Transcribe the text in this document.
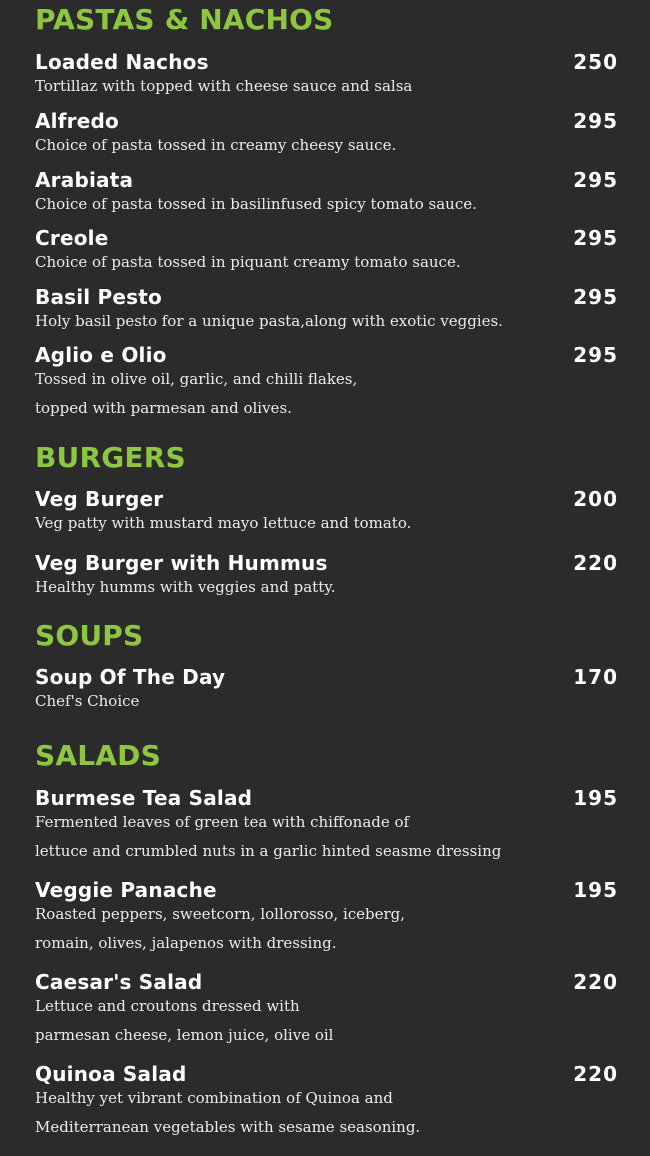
PASTAS & NACHOS
Loaded Nachos	250

Tortillaz with topped with cheese sauce and salsa

Alfredo	295

Choice of pasta tossed in creamy cheesy sauce.

Arabiata	295

Choice of pasta tossed in basilinfused spicy tomato sauce.

Creole	295

Choice of pasta tossed in piquant creamy tomato sauce.

Basil Pesto	295

Holy basil pesto for a unique pasta,along with exotic veggies.

Aglio e Olio	295

Tossed in olive oil, garlic, and chilli flakes,
topped with parmesan and olives.

BURGERS
Veg Burger	200

Veg patty with mustard mayo lettuce and tomato.

Veg Burger with Hummus	220

Healthy humms with veggies and patty.

SOUPS
Soup Of The Day	170

Chef's Choice

SALADS
Burmese Tea Salad	195

Fermented leaves of green tea with chiffonade of
lettuce and crumbled nuts in a garlic hinted seasme dressing

Veggie Panache	195

Roasted peppers, sweetcorn, lollorosso, iceberg,
romain, olives, jalapenos with dressing.

Caesar's Salad	220

Lettuce and croutons dressed with
parmesan cheese, lemon juice, olive oil

Quinoa Salad	220

Healthy yet vibrant combination of Quinoa and
Mediterranean vegetables with sesame seasoning.
